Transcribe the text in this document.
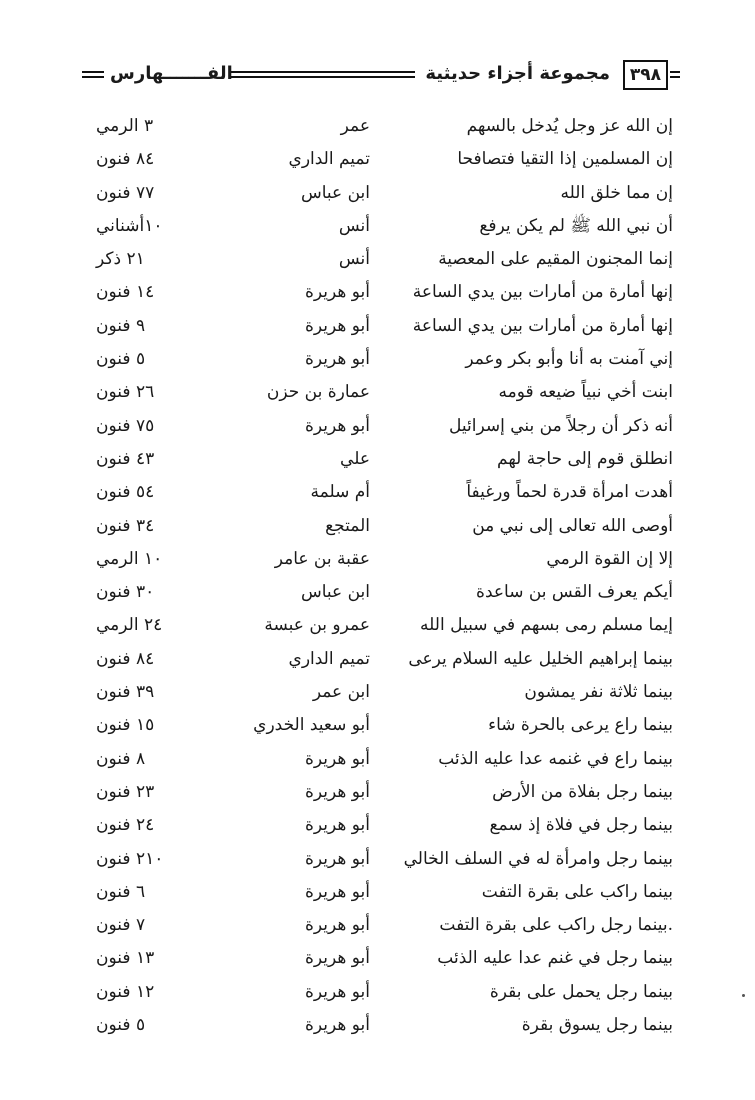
٣٩٨
مجموعة أجزاء حديثية
الفـــــــهارس
إن الله عز وجل يُدخل بالسهم
عمر
٣ الرمي
إن المسلمين إذا التقيا فتصافحا
تميم الداري
٨٤ فنون
إن مما خلق الله
ابن عباس
٧٧ فنون
أن نبي الله ﷺ لم يكن يرفع
أنس
١٠أشناني
إنما المجنون المقيم على المعصية
أنس
٢١ ذكر
إنها أمارة من أمارات بين يدي الساعة
أبو هريرة
١٤ فنون
إنها أمارة من أمارات بين يدي الساعة
أبو هريرة
٩ فنون
إني آمنت به أنا وأبو بكر وعمر
أبو هريرة
٥ فنون
ابنت أخي نبياً ضيعه قومه
عمارة بن حزن
٢٦ فنون
أنه ذكر أن رجلاً من بني إسرائيل
أبو هريرة
٧٥ فنون
انطلق قوم إلى حاجة لهم
علي
٤٣ فنون
أهدت امرأة قدرة لحماً ورغيفاً
أم سلمة
٥٤ فنون
أوصى الله تعالى إلى نبي من
المتجع
٣٤ فنون
إلا إن القوة الرمي
عقبة بن عامر
١٠ الرمي
أيكم يعرف القس بن ساعدة
ابن عباس
٣٠ فنون
إيما مسلم رمى بسهم في سبيل الله
عمرو بن عبسة
٢٤ الرمي
بينما إبراهيم الخليل عليه السلام يرعى
تميم الداري
٨٤ فنون
بينما ثلاثة نفر يمشون
ابن عمر
٣٩ فنون
بينما راع يرعى بالحرة شاء
أبو سعيد الخدري
١٥ فنون
بينما راع في غنمه عدا عليه الذئب
أبو هريرة
٨ فنون
بينما رجل بفلاة من الأرض
أبو هريرة
٢٣ فنون
بينما رجل في فلاة إذ سمع
أبو هريرة
٢٤ فنون
بينما رجل وامرأة له في السلف الخالي
أبو هريرة
٢١٠ فنون
بينما راكب على بقرة التفت
أبو هريرة
٦ فنون
.بينما رجل راكب على بقرة التفت
أبو هريرة
٧ فنون
بينما رجل في غنم عدا عليه الذئب
أبو هريرة
١٣ فنون
بينما رجل يحمل على بقرة
أبو هريرة
١٢ فنون
بينما رجل يسوق بقرة
أبو هريرة
٥ فنون
